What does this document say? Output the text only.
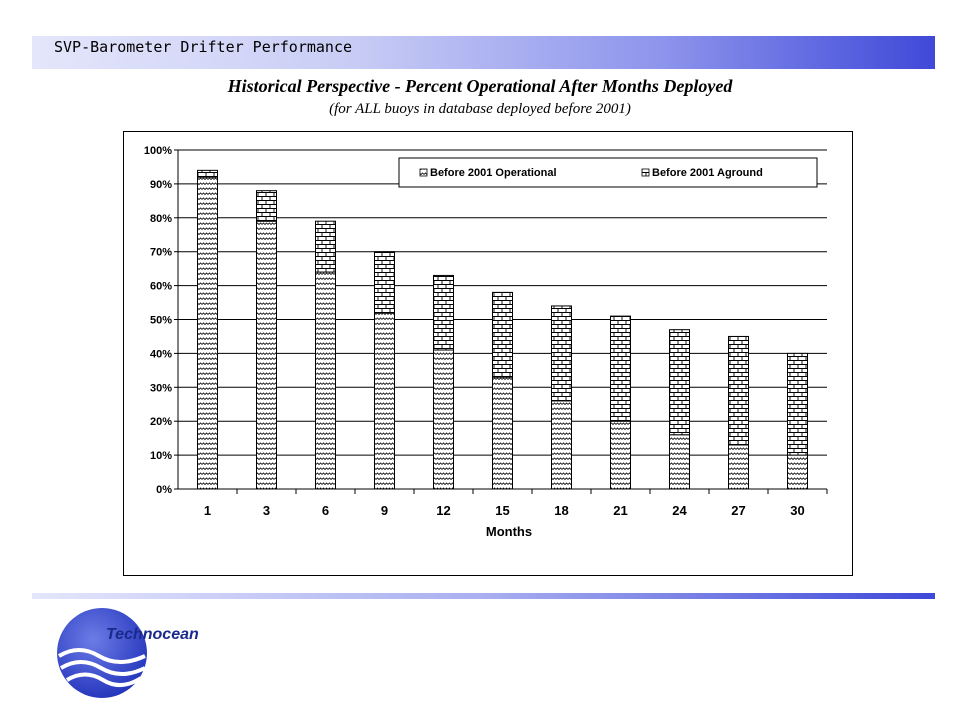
SVP-Barometer Drifter Performance
Historical Perspective - Percent Operational After Months Deployed
(for ALL buoys in database deployed before 2001)
0%
10%
20%
30%
40%
50%
60%
70%
80%
90%
100%
1	3	6	9	12	15	18	21	24	27	30
Months
Before 2001 Operational	Before 2001 Aground
Technocean
